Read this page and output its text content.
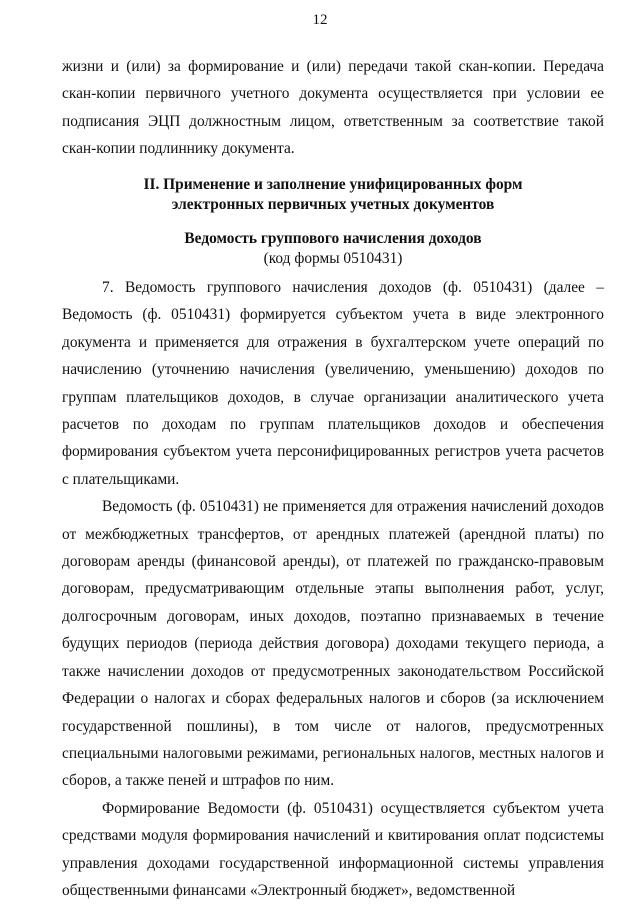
12

жизни и (или) за формирование и (или) передачи такой скан-копии. Передача скан-копии первичного учетного документа осуществляется при условии ее подписания ЭЦП должностным лицом, ответственным за соответствие такой скан-копии подлиннику документа.

II. Применение и заполнение унифицированных форм
электронных первичных учетных документов
Ведомость группового начисления доходов
(код формы 0510431)

7. Ведомость группового начисления доходов (ф. 0510431) (далее – Ведомость (ф. 0510431) формируется субъектом учета в виде электронного документа и применяется для отражения в бухгалтерском учете операций по начислению (уточнению начисления (увеличению, уменьшению) доходов по группам плательщиков доходов, в случае организации аналитического учета расчетов по доходам по группам плательщиков доходов и обеспечения формирования субъектом учета персонифицированных регистров учета расчетов с плательщиками.

Ведомость (ф. 0510431) не применяется для отражения начислений доходов от межбюджетных трансфертов, от арендных платежей (арендной платы) по договорам аренды (финансовой аренды), от платежей по гражданско-правовым договорам, предусматривающим отдельные этапы выполнения работ, услуг, долгосрочным договорам, иных доходов, поэтапно признаваемых в течение будущих периодов (периода действия договора) доходами текущего периода, а также начислении доходов от предусмотренных законодательством Российской Федерации о налогах и сборах федеральных налогов и сборов (за исключением государственной пошлины), в том числе от налогов, предусмотренных специальными налоговыми режимами, региональных налогов, местных налогов и сборов, а также пеней и штрафов по ним.

Формирование Ведомости (ф. 0510431) осуществляется субъектом учета средствами модуля формирования начислений и квитирования оплат подсистемы управления доходами государственной информационной системы управления общественными финансами «Электронный бюджет», ведомственной
